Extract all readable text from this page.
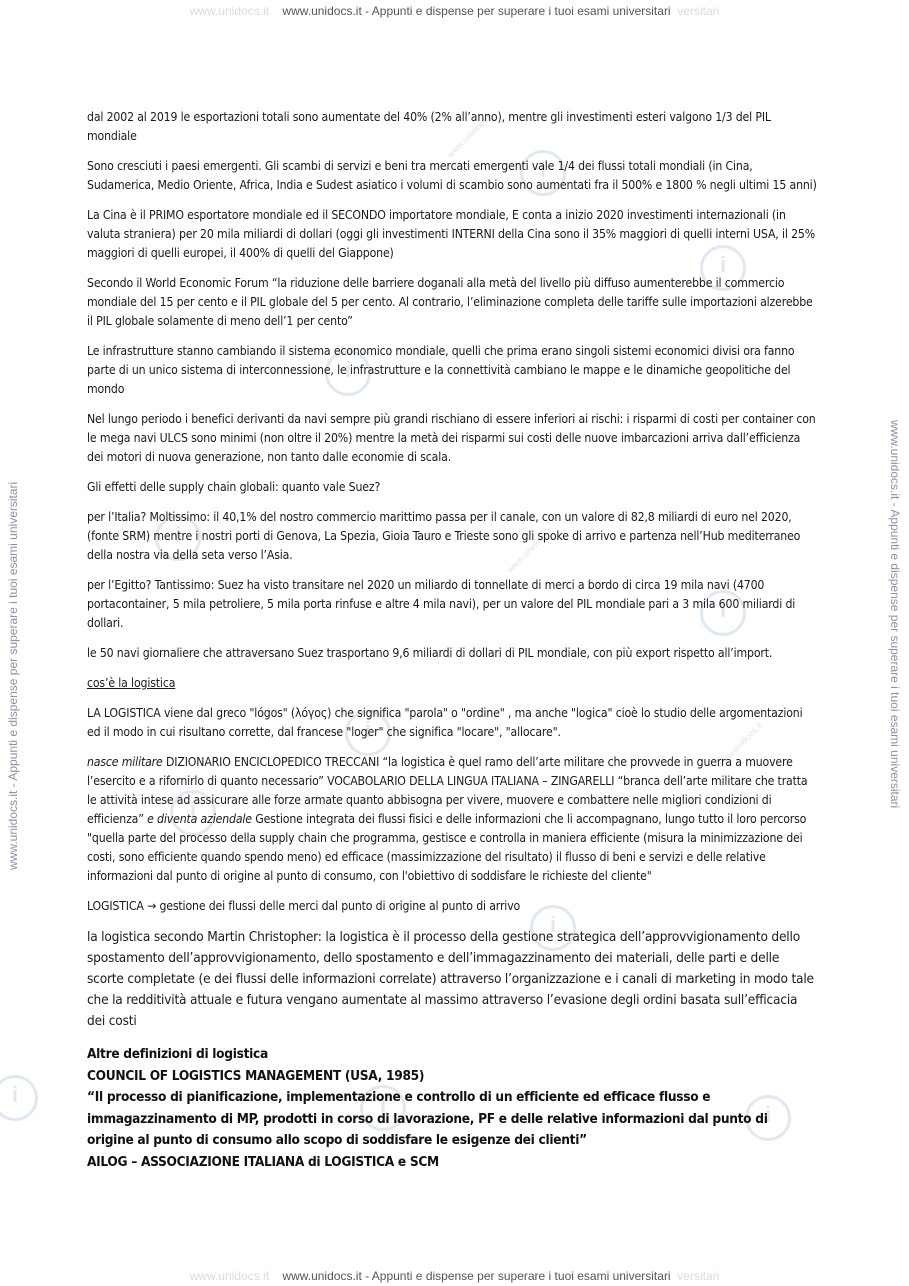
www.unidocs.it www.unidocs.it - Appunti e dispense per superare i tuoi esami universitari versitari
www.unidocs.it www.unidocs.it - Appunti e dispense per superare i tuoi esami universitari versitari
www.unidocs.it - Appunti e dispense per superare i tuoi esami universitari	www.unidocs.it - Appunti e dispense per superare i tuoi esami universitari
i
i
i
i
i
i
i
i
i
i
i
www.unidocs.it
www.unidocs.it
www.unidocs.it

dal 2002 al 2019 le esportazioni totali sono aumentate del 40% (2% all’anno), mentre gli investimenti esteri valgono 1/3 del PIL mondiale

Sono cresciuti i paesi emergenti. Gli scambi di servizi e beni tra mercati emergenti vale 1/4 dei flussi totali mondiali (in Cina, Sudamerica, Medio Oriente, Africa, India e Sudest asiatico i volumi di scambio sono aumentati fra il 500% e 1800 % negli ultimi 15 anni)

La Cina è il PRIMO esportatore mondiale ed il SECONDO importatore mondiale, E conta a inizio 2020 investimenti internazionali (in valuta straniera) per 20 mila miliardi di dollari (oggi gli investimenti INTERNI della Cina sono il 35% maggiori di quelli interni USA, il 25% maggiori di quelli europei, il 400% di quelli del Giappone)

Secondo il World Economic Forum “la riduzione delle barriere doganali alla metà del livello più diffuso aumenterebbe il commercio mondiale del 15 per cento e il PIL globale del 5 per cento. Al contrario, l’eliminazione completa delle tariffe sulle importazioni alzerebbe il PIL globale solamente di meno dell’1 per cento”

Le infrastrutture stanno cambiando il sistema economico mondiale, quelli che prima erano singoli sistemi economici divisi ora fanno parte di un unico sistema di interconnessione, le infrastrutture e la connettività cambiano le mappe e le dinamiche geopolitiche del mondo

Nel lungo periodo i benefici derivanti da navi sempre più grandi rischiano di essere inferiori ai rischi: i risparmi di costi per container con le mega navi ULCS sono minimi (non oltre il 20%) mentre la metà dei risparmi sui costi delle nuove imbarcazioni arriva dall’efficienza dei motori di nuova generazione, non tanto dalle economie di scala.

Gli effetti delle supply chain globali: quanto vale Suez?

per l’Italia? Moltissimo: il 40,1% del nostro commercio marittimo passa per il canale, con un valore di 82,8 miliardi di euro nel 2020, (fonte SRM) mentre i nostri porti di Genova, La Spezia, Gioia Tauro e Trieste sono gli spoke di arrivo e partenza nell’Hub mediterraneo della nostra via della seta verso l’Asia.

per l’Egitto? Tantissimo: Suez ha visto transitare nel 2020 un miliardo di tonnellate di merci a bordo di circa 19 mila navi (4700 portacontainer, 5 mila petroliere, 5 mila porta rinfuse e altre 4 mila navi), per un valore del PIL mondiale pari a 3 mila 600 miliardi di dollari.

le 50 navi giornaliere che attraversano Suez trasportano 9,6 miliardi di dollari di PIL mondiale, con più export rispetto all’import.

cos’è la logistica

LA LOGISTICA viene dal greco "lógos" (λόγος) che significa "parola" o "ordine" , ma anche "logica" cioè lo studio delle argomentazioni ed il modo in cui risultano corrette, dal francese "loger" che significa "locare", "allocare".

nasce militare DIZIONARIO ENCICLOPEDICO TRECCANI “la logistica è quel ramo dell’arte militare che provvede in guerra a muovere l’esercito e a rifornirlo di quanto necessario” VOCABOLARIO DELLA LINGUA ITALIANA – ZINGARELLI “branca dell’arte militare che tratta le attività intese ad assicurare alle forze armate quanto abbisogna per vivere, muovere e combattere nelle migliori condizioni di efficienza” e diventa aziendale Gestione integrata dei flussi fisici e delle informazioni che li accompagnano, lungo tutto il loro percorso "quella parte del processo della supply chain che programma, gestisce e controlla in maniera efficiente (misura la minimizzazione dei costi, sono efficiente quando spendo meno) ed efficace (massimizzazione del risultato) il flusso di beni e servizi e delle relative informazioni dal punto di origine al punto di consumo, con l'obiettivo di soddisfare le richieste del cliente"

LOGISTICA → gestione dei flussi delle merci dal punto di origine al punto di arrivo

la logistica secondo Martin Christopher: la logistica è il processo della gestione strategica dell’approvvigionamento dello spostamento dell’approvvigionamento, dello spostamento e dell’immagazzinamento dei materiali, delle parti e delle scorte completate (e dei flussi delle informazioni correlate) attraverso l’organizzazione e i canali di marketing in modo tale che la redditività attuale e futura vengano aumentate al massimo attraverso l’evasione degli ordini basata sull’efficacia dei costi

Altre definizioni di logistica

COUNCIL OF LOGISTICS MANAGEMENT (USA, 1985)

“Il processo di pianificazione, implementazione e controllo di un efficiente ed efficace flusso e immagazzinamento di MP, prodotti in corso di lavorazione, PF e delle relative informazioni dal punto di origine al punto di consumo allo scopo di soddisfare le esigenze dei clienti”

AILOG – ASSOCIAZIONE ITALIANA di LOGISTICA e SCM
